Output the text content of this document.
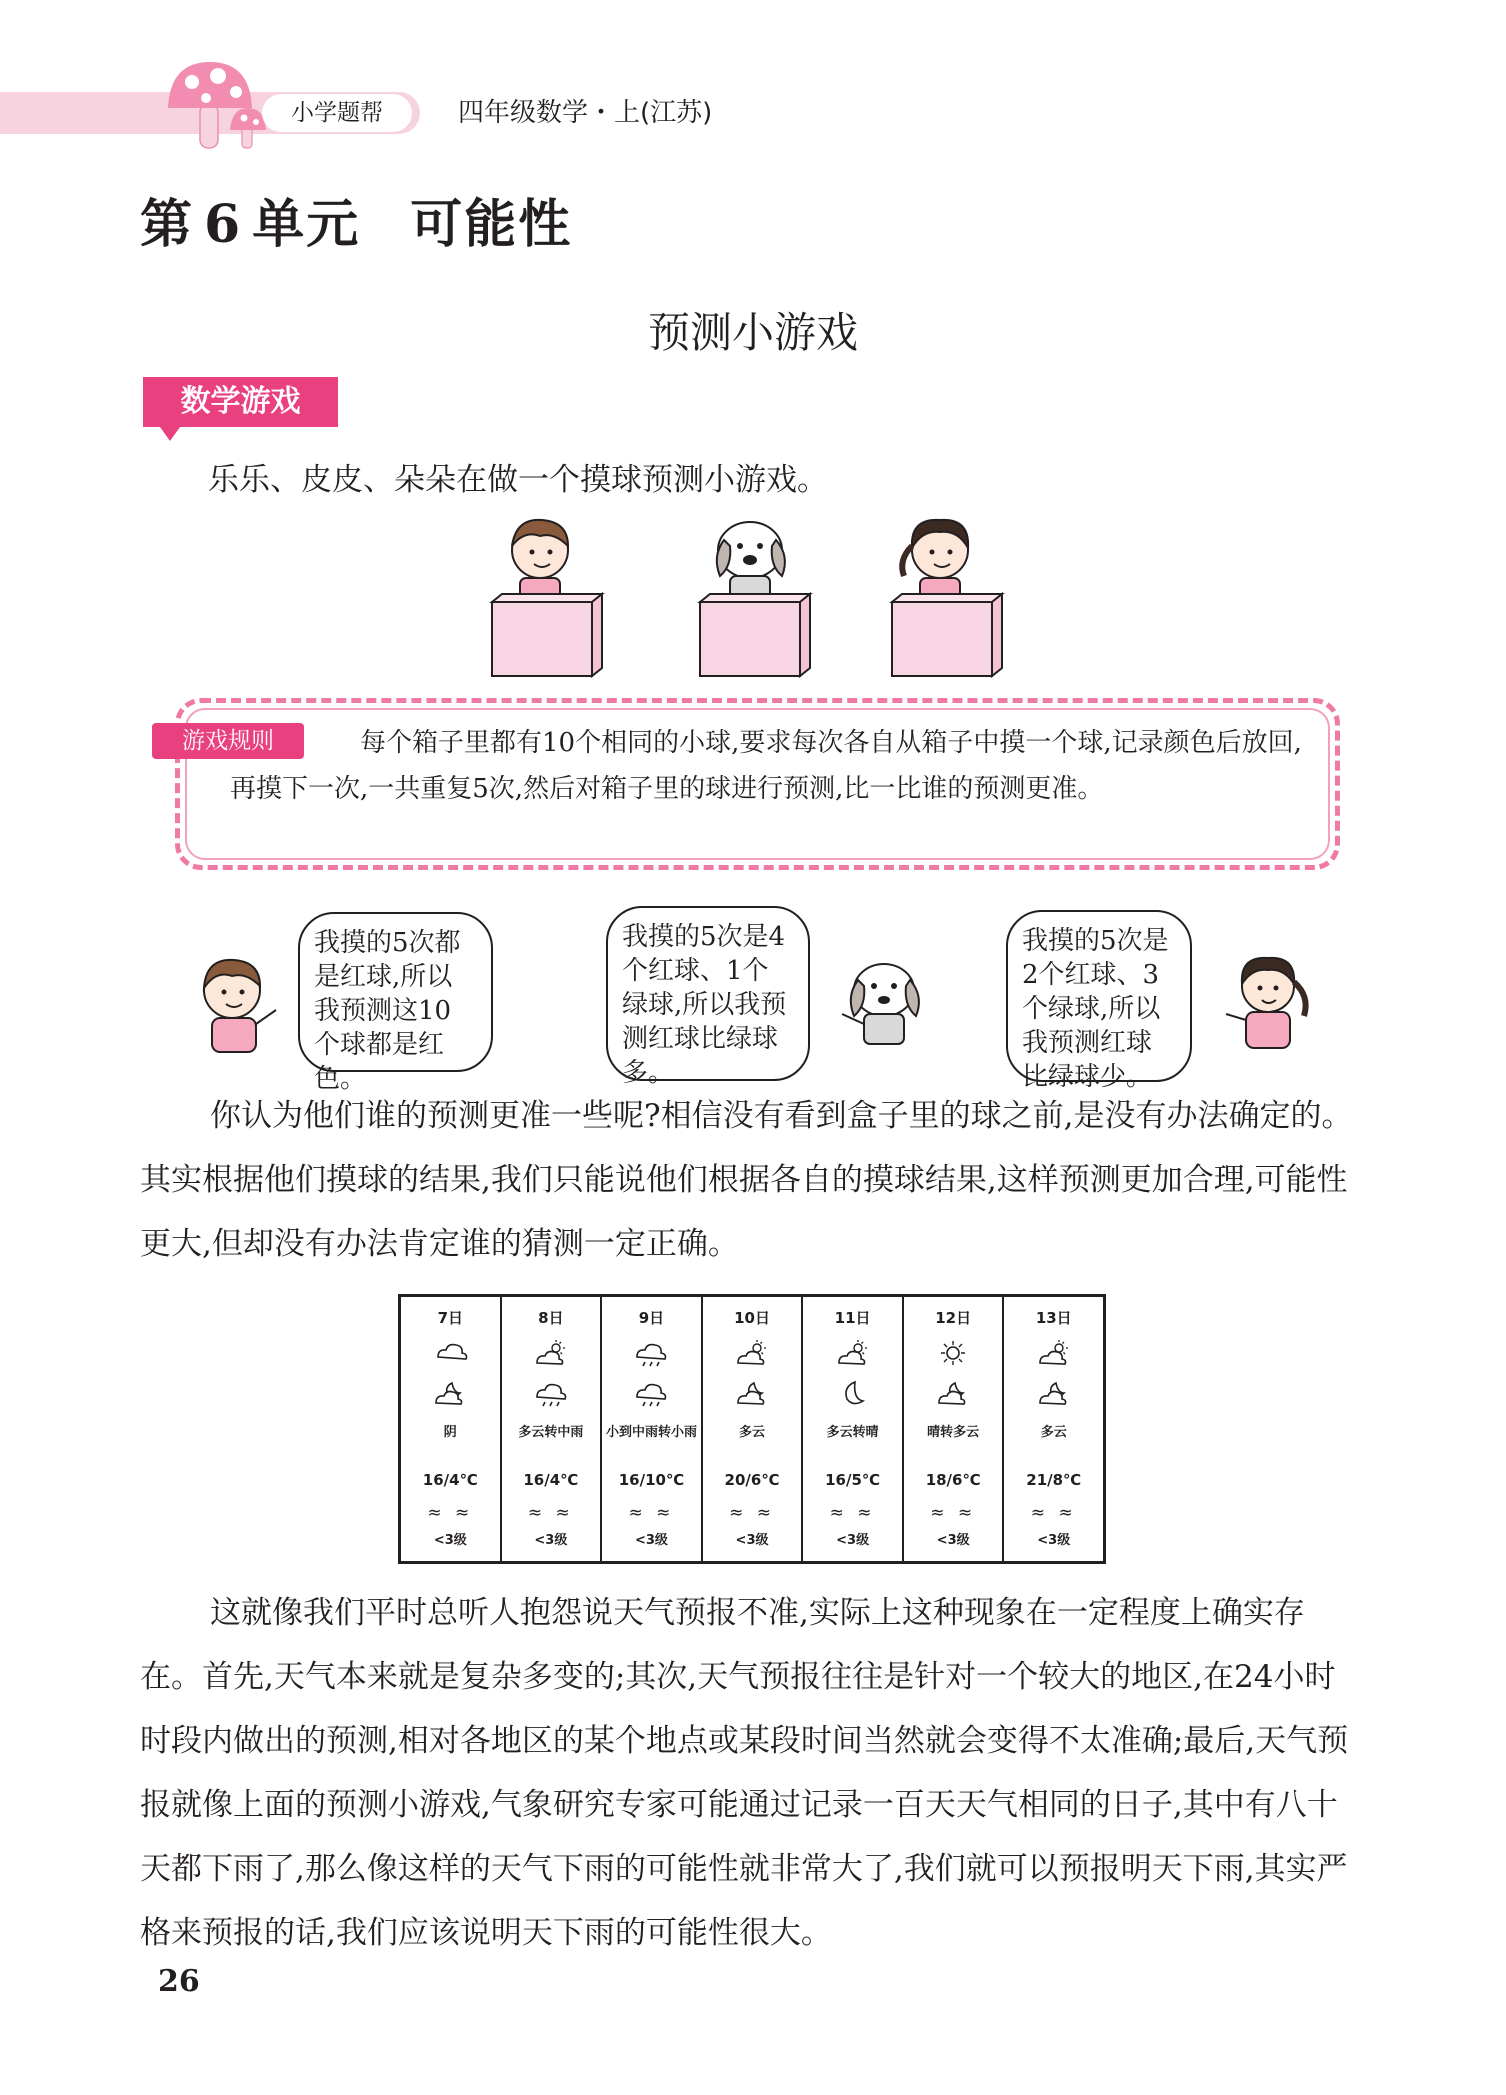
小学题帮	四年级数学・上(江苏)
第 6 单元 可能性
预测小游戏
数学游戏
乐乐、皮皮、朵朵在做一个摸球预测小游戏。
每个箱子里都有10个相同的小球,要求每次各自从箱子中摸一个球,记录颜色后放回,再摸下一次,一共重复5次,然后对箱子里的球进行预测,比一比谁的预测更准。
游戏规则
我摸的5次都是红球,所以我预测这10个球都是红色。
我摸的5次是4个红球、1个绿球,所以我预测红球比绿球多。
我摸的5次是2个红球、3个绿球,所以我预测红球比绿球少。
你认为他们谁的预测更准一些呢?相信没有看到盒子里的球之前,是没有办法确定的。其实根据他们摸球的结果,我们只能说他们根据各自的摸球结果,这样预测更加合理,可能性更大,但却没有办法肯定谁的猜测一定正确。
7日
阴
16/4℃
≈ ≈
<3级
8日
多云转中雨
16/4℃
≈ ≈
<3级
9日
小到中雨转小雨
16/10℃
≈ ≈
<3级
10日
多云
20/6℃
≈ ≈
<3级
11日
多云转晴
16/5℃
≈ ≈
<3级
12日
晴转多云
18/6℃
≈ ≈
<3级
13日
多云
21/8℃
≈ ≈
<3级
这就像我们平时总听人抱怨说天气预报不准,实际上这种现象在一定程度上确实存在。首先,天气本来就是复杂多变的;其次,天气预报往往是针对一个较大的地区,在24小时时段内做出的预测,相对各地区的某个地点或某段时间当然就会变得不太准确;最后,天气预报就像上面的预测小游戏,气象研究专家可能通过记录一百天天气相同的日子,其中有八十天都下雨了,那么像这样的天气下雨的可能性就非常大了,我们就可以预报明天下雨,其实严格来预报的话,我们应该说明天下雨的可能性很大。
26
